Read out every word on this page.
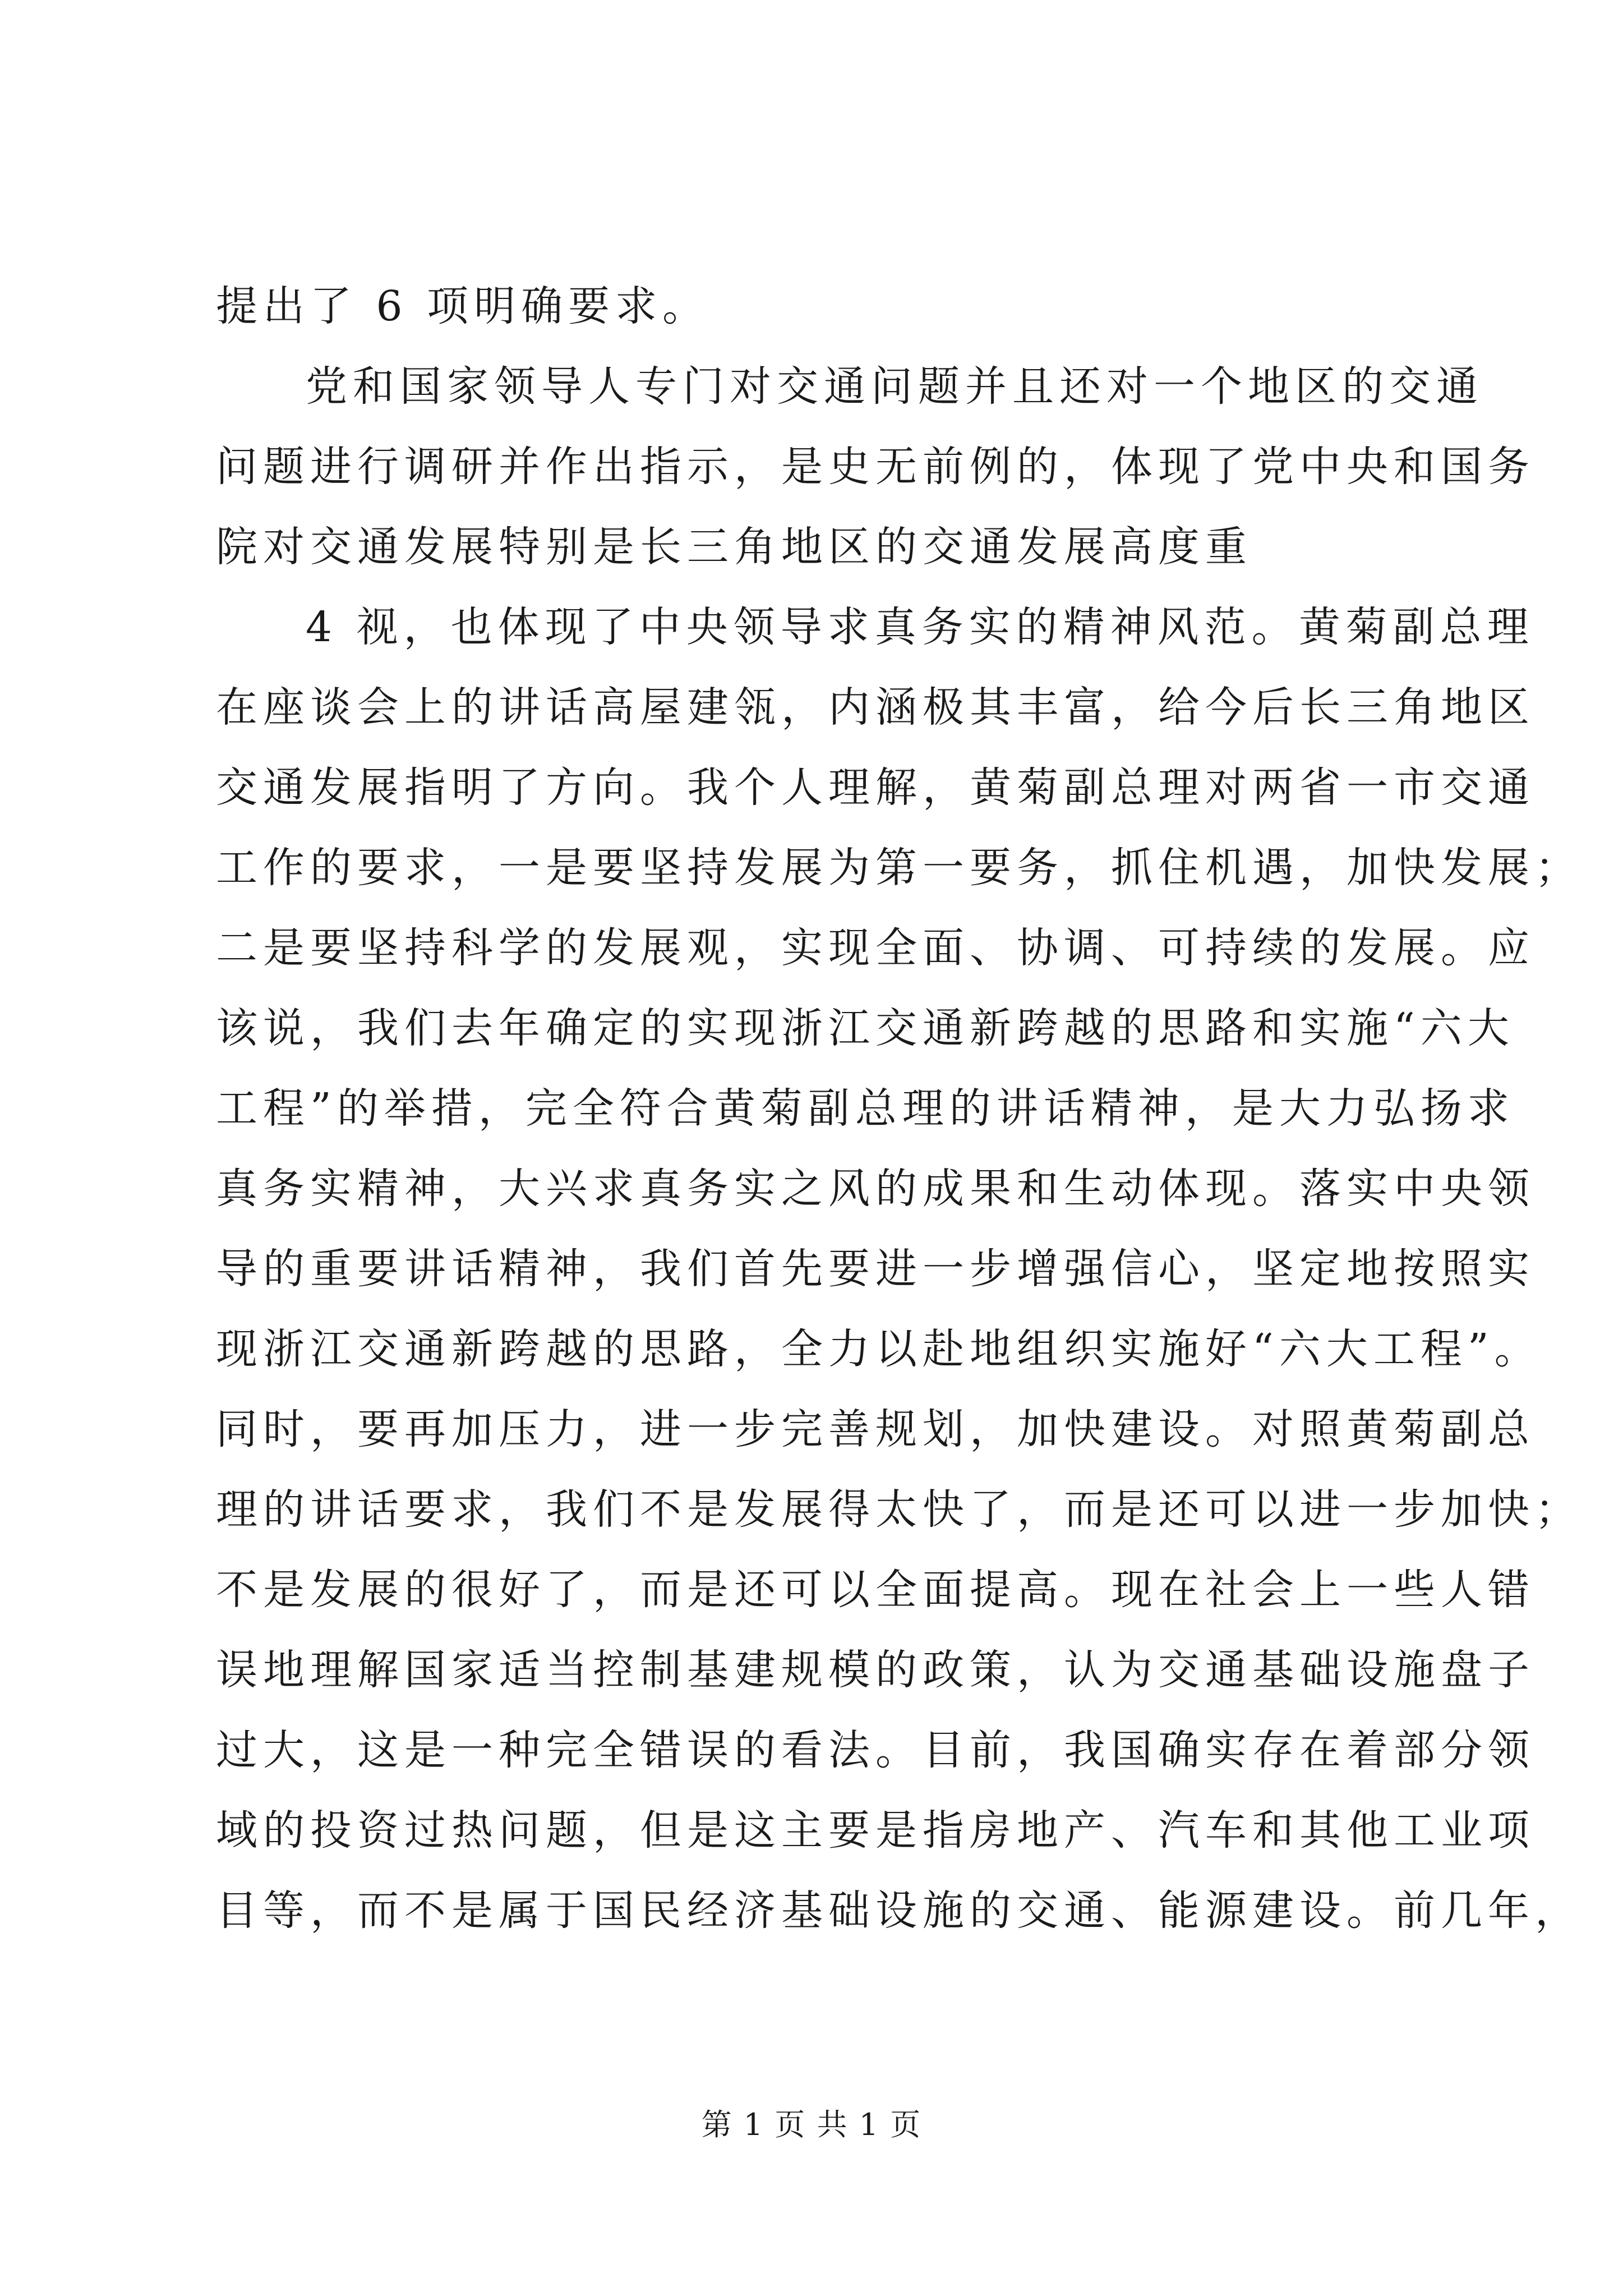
提出了 6 项明确要求。
党和国家领导人专门对交通问题并且还对一个地区的交通
问题进行调研并作出指示，是史无前例的，体现了党中央和国务
院对交通发展特别是长三角地区的交通发展高度重
4 视，也体现了中央领导求真务实的精神风范。黄菊副总理
在座谈会上的讲话高屋建瓴，内涵极其丰富，给今后长三角地区
交通发展指明了方向。我个人理解，黄菊副总理对两省一市交通
工作的要求，一是要坚持发展为第一要务，抓住机遇，加快发展；
二是要坚持科学的发展观，实现全面、协调、可持续的发展。应
该说，我们去年确定的实现浙江交通新跨越的思路和实施“六大
工程”的举措，完全符合黄菊副总理的讲话精神，是大力弘扬求
真务实精神，大兴求真务实之风的成果和生动体现。落实中央领
导的重要讲话精神，我们首先要进一步增强信心，坚定地按照实
现浙江交通新跨越的思路，全力以赴地组织实施好“六大工程”。
同时，要再加压力，进一步完善规划，加快建设。对照黄菊副总
理的讲话要求，我们不是发展得太快了，而是还可以进一步加快；
不是发展的很好了，而是还可以全面提高。现在社会上一些人错
误地理解国家适当控制基建规模的政策，认为交通基础设施盘子
过大，这是一种完全错误的看法。目前，我国确实存在着部分领
域的投资过热问题，但是这主要是指房地产、汽车和其他工业项
目等，而不是属于国民经济基础设施的交通、能源建设。前几年，
第 1 页 共 1 页
